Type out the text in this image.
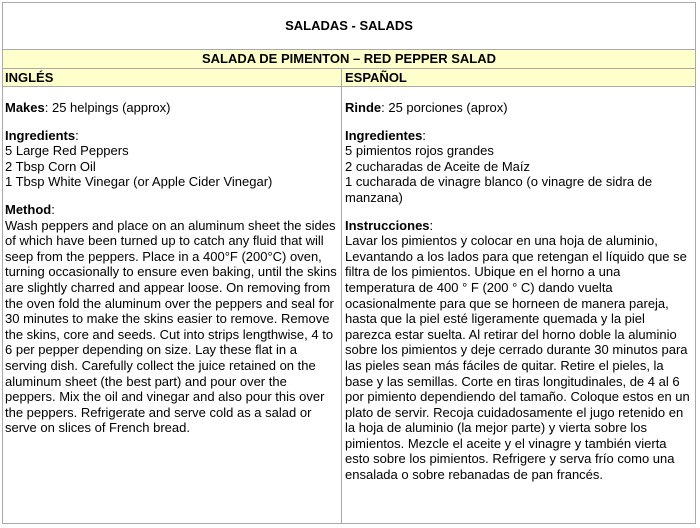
SALADAS - SALADS
SALADA DE PIMENTON – RED PEPPER SALAD
INGLÉS	ESPAÑOL
Makes: 25 helpings (approx)
Ingredients:
5 Large Red Peppers
2 Tbsp Corn Oil
1 Tbsp White Vinegar (or Apple Cider Vinegar)
Method:
Wash peppers and place on an aluminum sheet the sides of which have been turned up to catch any fluid that will seep from the peppers. Place in a 400°F (200°C) oven, turning occasionally to ensure even baking, until the skins are slightly charred and appear loose. On removing from the oven fold the aluminum over the peppers and seal for 30 minutes to make the skins easier to remove. Remove the skins, core and seeds. Cut into strips lengthwise, 4 to 6 per pepper depending on size. Lay these flat in a serving dish. Carefully collect the juice retained on the aluminum sheet (the best part) and pour over the peppers. Mix the oil and vinegar and also pour this over the peppers. Refrigerate and serve cold as a salad or serve on slices of French bread.
Rinde: 25 porciones (aprox)
Ingredientes:
5 pimientos rojos grandes
2 cucharadas de Aceite de Maíz
1 cucharada de vinagre blanco (o vinagre de sidra de manzana)
Instrucciones:
Lavar los pimientos y colocar en una hoja de aluminio, Levantando a los lados para que retengan el líquido que se filtra de los pimientos. Ubique en el horno a una temperatura de 400 ° F (200 ° C) dando vuelta ocasionalmente para que se horneen de manera pareja, hasta que la piel esté ligeramente quemada y la piel parezca estar suelta. Al retirar del horno doble la aluminio sobre los pimientos y deje cerrado durante 30 minutos para las pieles sean más fáciles de quitar. Retire el pieles, la base y las semillas. Corte en tiras longitudinales, de 4 al 6 por pimiento dependiendo del tamaño. Coloque estos en un plato de servir. Recoja cuidadosamente el jugo retenido en la hoja de aluminio (la mejor parte) y vierta sobre los pimientos. Mezcle el aceite y el vinagre y también vierta esto sobre los pimientos. Refrigere y serva frío como una ensalada o sobre rebanadas de pan francés.
